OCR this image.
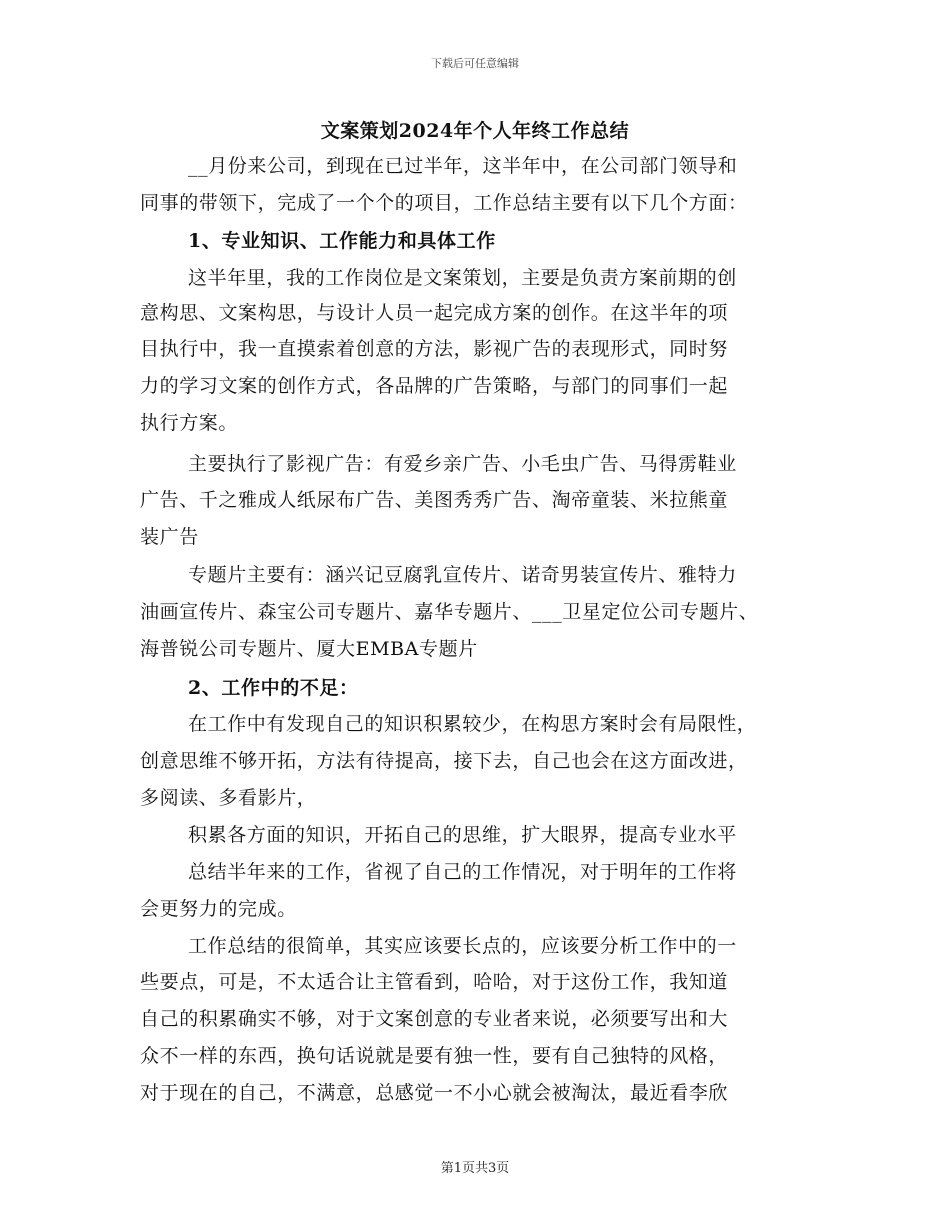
下载后可任意编辑
文案策划2024年个人年终工作总结
__月份来公司，到现在已过半年，这半年中，在公司部门领导和
同事的带领下，完成了一个个的项目，工作总结主要有以下几个方面：
1、专业知识、工作能力和具体工作
这半年里，我的工作岗位是文案策划，主要是负责方案前期的创
意构思、文案构思，与设计人员一起完成方案的创作。在这半年的项
目执行中，我一直摸索着创意的方法，影视广告的表现形式，同时努
力的学习文案的创作方式，各品牌的广告策略，与部门的同事们一起
执行方案。
主要执行了影视广告：有爱乡亲广告、小毛虫广告、马得雳鞋业
广告、千之雅成人纸尿布广告、美图秀秀广告、淘帝童装、米拉熊童
装广告
专题片主要有：涵兴记豆腐乳宣传片、诺奇男装宣传片、雅特力
油画宣传片、森宝公司专题片、嘉华专题片、___卫星定位公司专题片、
海普锐公司专题片、厦大EMBA专题片
2、工作中的不足：
在工作中有发现自己的知识积累较少，在构思方案时会有局限性，
创意思维不够开拓，方法有待提高，接下去，自己也会在这方面改进，
多阅读、多看影片，
积累各方面的知识，开拓自己的思维，扩大眼界，提高专业水平
总结半年来的工作，省视了自己的工作情况，对于明年的工作将
会更努力的完成。
工作总结的很简单，其实应该要长点的，应该要分析工作中的一
些要点，可是，不太适合让主管看到，哈哈，对于这份工作，我知道
自己的积累确实不够，对于文案创意的专业者来说，必须要写出和大
众不一样的东西，换句话说就是要有独一性，要有自己独特的风格，
对于现在的自己，不满意，总感觉一不小心就会被淘汰，最近看李欣
第1页共3页
